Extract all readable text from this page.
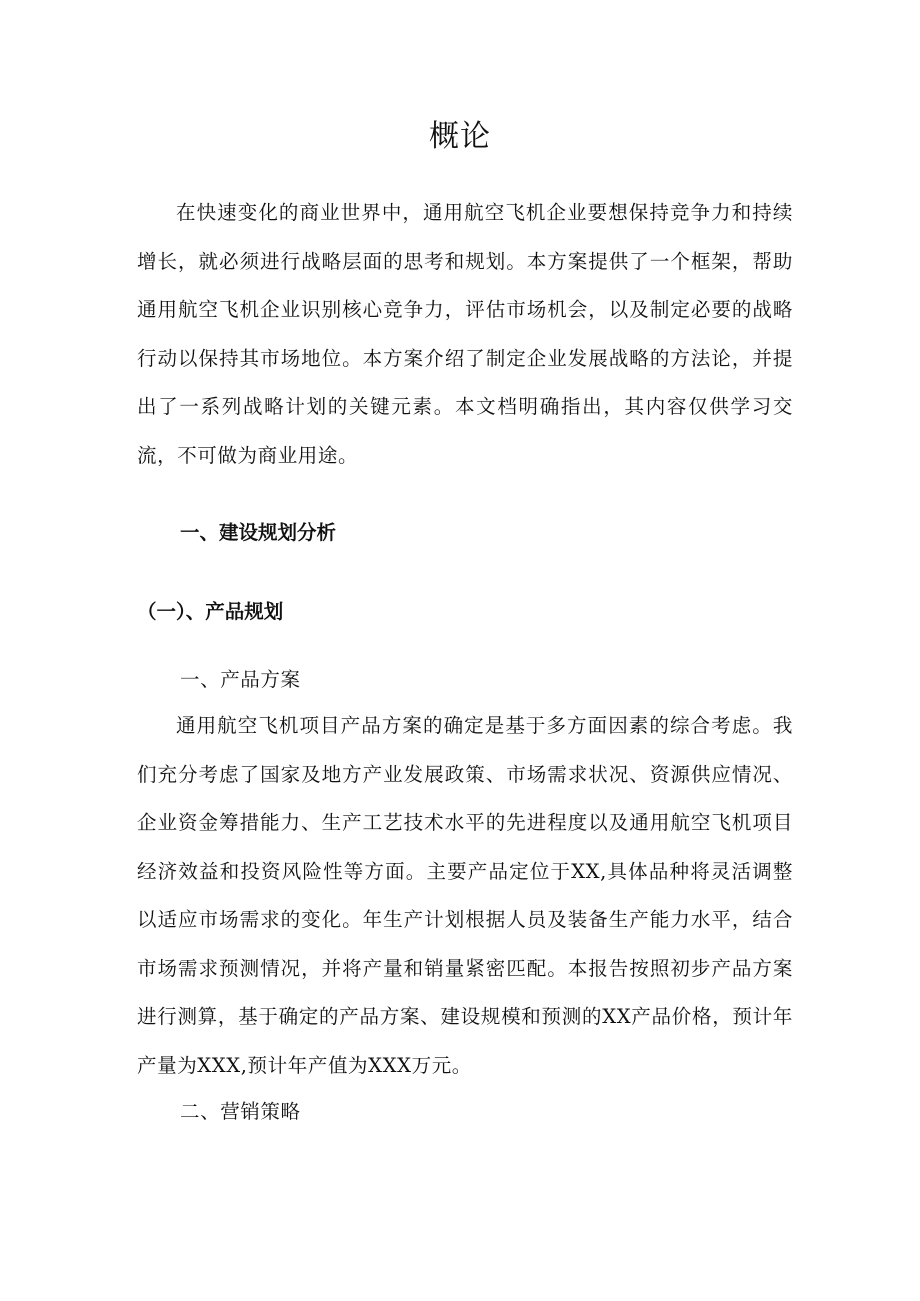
概论

在快速变化的商业世界中，通用航空飞机企业要想保持竞争力和持续增长，就必须进行战略层面的思考和规划。本方案提供了一个框架，帮助通用航空飞机企业识别核心竞争力，评估市场机会，以及制定必要的战略行动以保持其市场地位。本方案介绍了制定企业发展战略的方法论，并提出了一系列战略计划的关键元素。本文档明确指出，其内容仅供学习交流，不可做为商业用途。

一、建设规划分析
（一）、产品规划
一、产品方案

通用航空飞机项目产品方案的确定是基于多方面因素的综合考虑。我们充分考虑了国家及地方产业发展政策、市场需求状况、资源供应情况、企业资金筹措能力、生产工艺技术水平的先进程度以及通用航空飞机项目经济效益和投资风险性等方面。主要产品定位于XX,具体品种将灵活调整以适应市场需求的变化。年生产计划根据人员及装备生产能力水平，结合市场需求预测情况，并将产量和销量紧密匹配。本报告按照初步产品方案进行测算，基于确定的产品方案、建设规模和预测的XX产品价格，预计年产量为XXX,预计年产值为XXX万元。

二、营销策略
